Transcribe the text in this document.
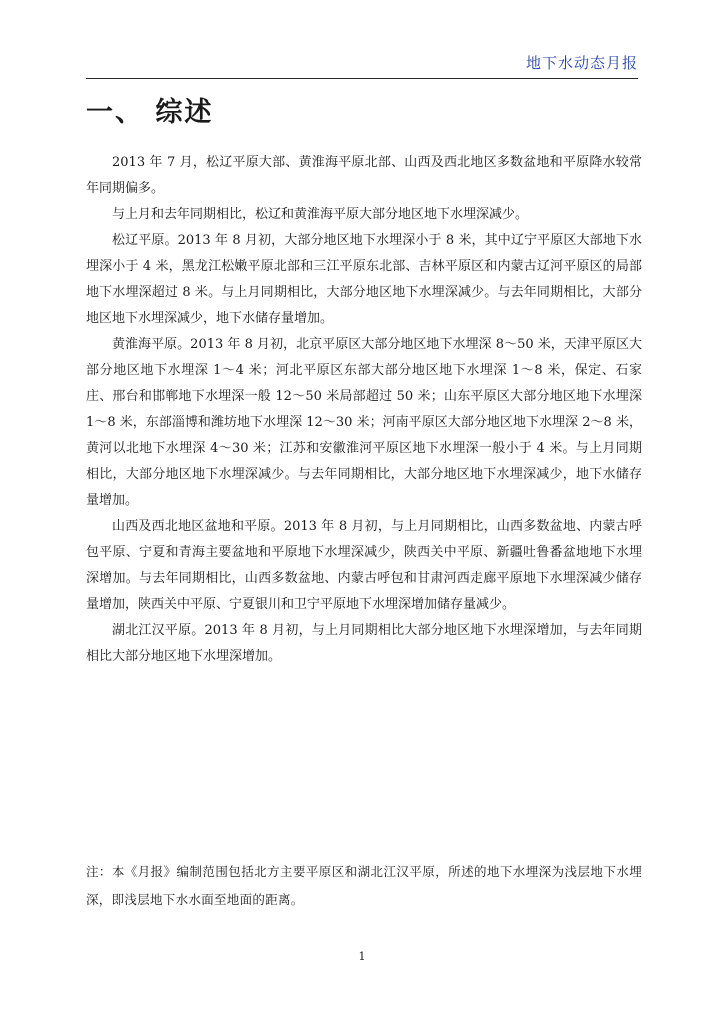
地下水动态月报
一、 综述

2013 年 7 月，松辽平原大部、黄淮海平原北部、山西及西北地区多数盆地和平原降水较常年同期偏多。

与上月和去年同期相比，松辽和黄淮海平原大部分地区地下水埋深减少。

松辽平原。2013 年 8 月初，大部分地区地下水埋深小于 8 米，其中辽宁平原区大部地下水埋深小于 4 米，黑龙江松嫩平原北部和三江平原东北部、吉林平原区和内蒙古辽河平原区的局部地下水埋深超过 8 米。与上月同期相比，大部分地区地下水埋深减少。与去年同期相比，大部分地区地下水埋深减少，地下水储存量增加。

黄淮海平原。2013 年 8 月初，北京平原区大部分地区地下水埋深 8～50 米，天津平原区大部分地区地下水埋深 1～4 米；河北平原区东部大部分地区地下水埋深 1～8 米，保定、石家庄、邢台和邯郸地下水埋深一般 12～50 米局部超过 50 米；山东平原区大部分地区地下水埋深 1～8 米，东部淄博和潍坊地下水埋深 12～30 米；河南平原区大部分地区地下水埋深 2～8 米，黄河以北地下水埋深 4～30 米；江苏和安徽淮河平原区地下水埋深一般小于 4 米。与上月同期相比，大部分地区地下水埋深减少。与去年同期相比，大部分地区地下水埋深减少，地下水储存量增加。

山西及西北地区盆地和平原。2013 年 8 月初，与上月同期相比，山西多数盆地、内蒙古呼包平原、宁夏和青海主要盆地和平原地下水埋深减少，陕西关中平原、新疆吐鲁番盆地地下水埋深增加。与去年同期相比，山西多数盆地、内蒙古呼包和甘肃河西走廊平原地下水埋深减少储存量增加，陕西关中平原、宁夏银川和卫宁平原地下水埋深增加储存量减少。

湖北江汉平原。2013 年 8 月初，与上月同期相比大部分地区地下水埋深增加，与去年同期相比大部分地区地下水埋深增加。

注：本《月报》编制范围包括北方主要平原区和湖北江汉平原，所述的地下水埋深为浅层地下水埋深，即浅层地下水水面至地面的距离。
1
